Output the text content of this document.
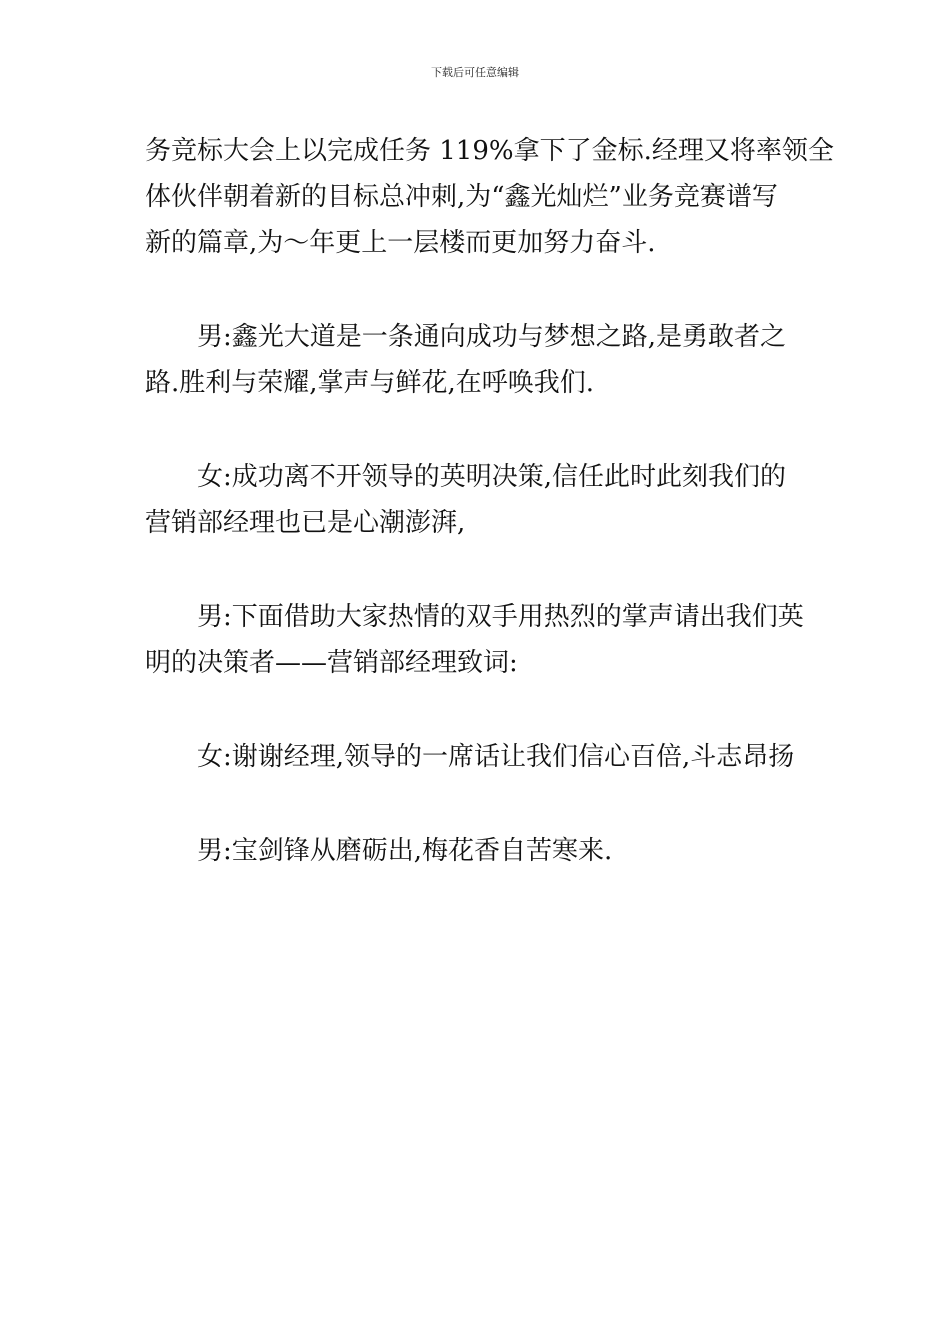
下载后可任意编辑
务竞标大会上以完成任务 119%拿下了金标.经理又将率领全
体伙伴朝着新的目标总冲刺,为“鑫光灿烂”业务竞赛谱写
新的篇章,为～年更上一层楼而更加努力奋斗.
男:鑫光大道是一条通向成功与梦想之路,是勇敢者之
路.胜利与荣耀,掌声与鲜花,在呼唤我们.
女:成功离不开领导的英明决策,信任此时此刻我们的
营销部经理也已是心潮澎湃,
男:下面借助大家热情的双手用热烈的掌声请出我们英
明的决策者——营销部经理致词:
女:谢谢经理,领导的一席话让我们信心百倍,斗志昂扬
男:宝剑锋从磨砺出,梅花香自苦寒来.
